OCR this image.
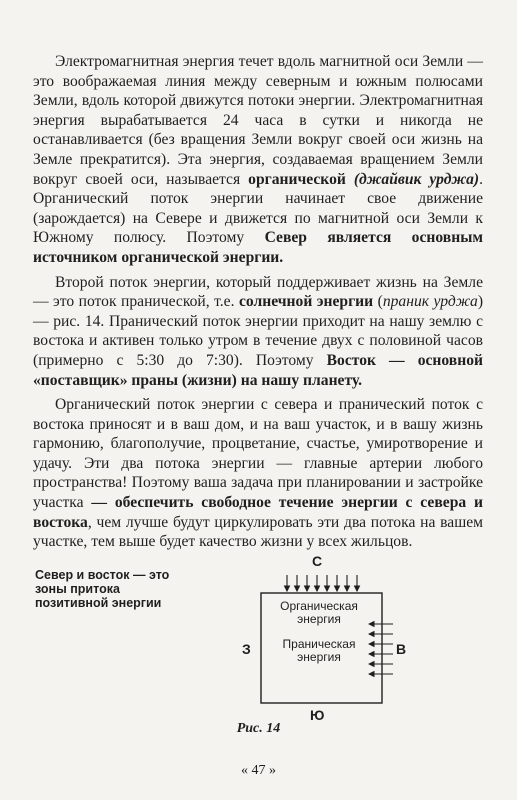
Электромагнитная энергия течет вдоль магнитной оси Земли — это воображаемая линия между северным и южным полюсами Земли, вдоль которой движутся потоки энергии. Электромагнитная энергия вырабатывается 24 часа в сутки и никогда не останавливается (без вращения Земли вокруг своей оси жизнь на Земле прекратится). Эта энергия, создаваемая вращением Земли вокруг своей оси, называется органической (джайвик урджа). Органический поток энергии начинает свое движение (зарождается) на Севере и движется по магнитной оси Земли к Южному полюсу. Поэтому Север является основным источником органической энергии.

Второй поток энергии, который поддерживает жизнь на Земле — это поток пранической, т.е. солнечной энергии (праник урджа) — рис. 14. Пранический поток энергии приходит на нашу землю с востока и активен только утром в течение двух с половиной часов (примерно с 5:30 до 7:30). Поэтому Восток — основной «поставщик» праны (жизни) на нашу планету.

Органический поток энергии с севера и пранический поток с востока приносят и в ваш дом, и на ваш участок, и в вашу жизнь гармонию, благополучие, процветание, счастье, умиротворение и удачу. Эти два потока энергии — главные артерии любого пространства! Поэтому ваша задача при планировании и застройке участка — обеспечить свободное течение энергии с севера и востока, чем лучше будут циркулировать эти два потока на вашем участке, тем выше будет качество жизни у всех жильцов.

Север и восток — это зоны притока позитивной энергии
С
З	В
Ю
Органическая энергия
Праническая энергия
Рис. 14
« 47 »
